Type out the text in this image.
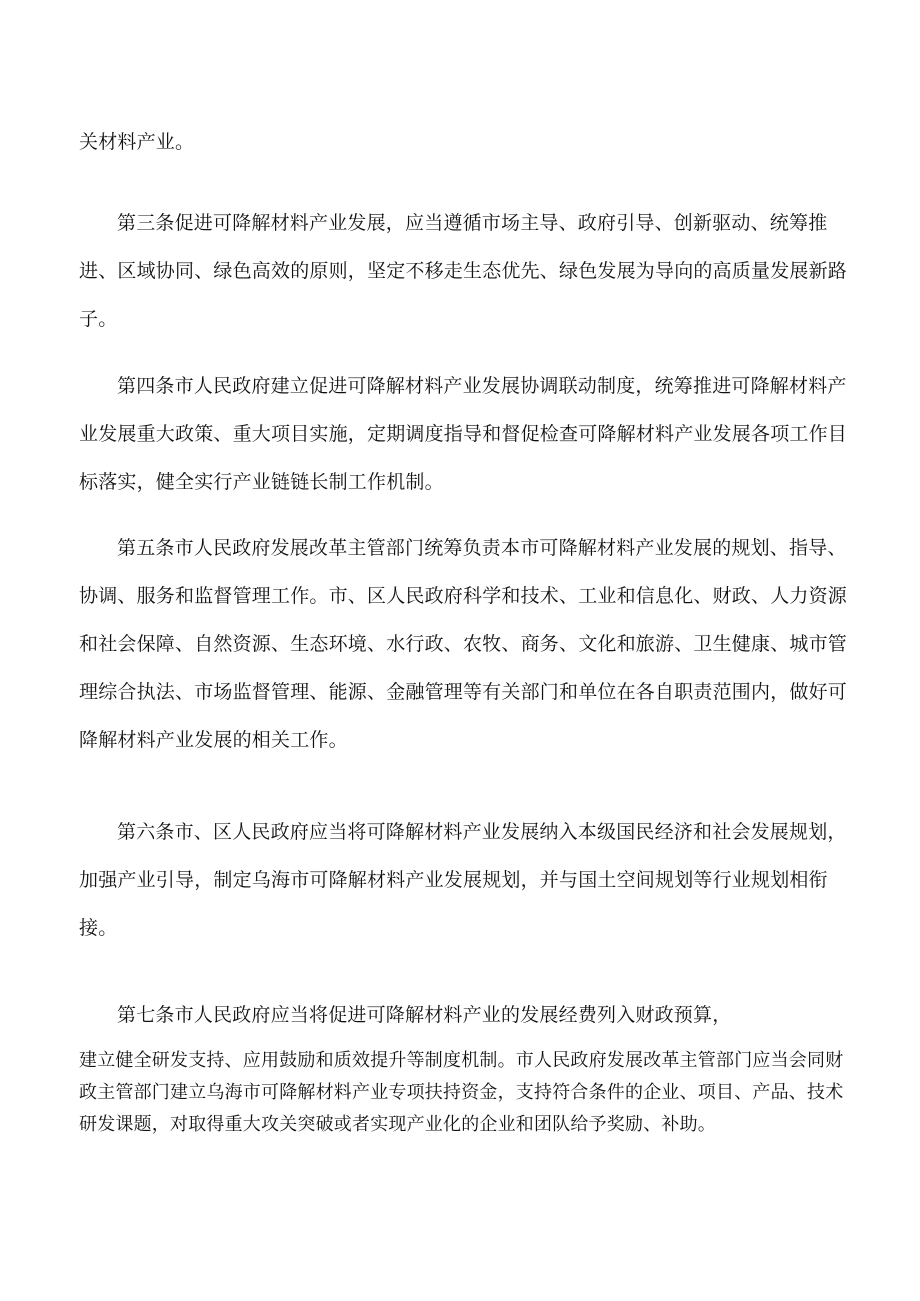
关材料产业。

第三条促进可降解材料产业发展，应当遵循市场主导、政府引导、创新驱动、统筹推进、区域协同、绿色高效的原则，坚定不移走生态优先、绿色发展为导向的高质量发展新路子。

第四条市人民政府建立促进可降解材料产业发展协调联动制度，统筹推进可降解材料产业发展重大政策、重大项目实施，定期调度指导和督促检查可降解材料产业发展各项工作目标落实，健全实行产业链链长制工作机制。

第五条市人民政府发展改革主管部门统筹负责本市可降解材料产业发展的规划、指导、协调、服务和监督管理工作。市、区人民政府科学和技术、工业和信息化、财政、人力资源和社会保障、自然资源、生态环境、水行政、农牧、商务、文化和旅游、卫生健康、城市管理综合执法、市场监督管理、能源、金融管理等有关部门和单位在各自职责范围内，做好可降解材料产业发展的相关工作。

第六条市、区人民政府应当将可降解材料产业发展纳入本级国民经济和社会发展规划，加强产业引导，制定乌海市可降解材料产业发展规划，并与国土空间规划等行业规划相衔接。

第七条市人民政府应当将促进可降解材料产业的发展经费列入财政预算，

建立健全研发支持、应用鼓励和质效提升等制度机制。市人民政府发展改革主管部门应当会同财政主管部门建立乌海市可降解材料产业专项扶持资金，支持符合条件的企业、项目、产品、技术研发课题，对取得重大攻关突破或者实现产业化的企业和团队给予奖励、补助。
